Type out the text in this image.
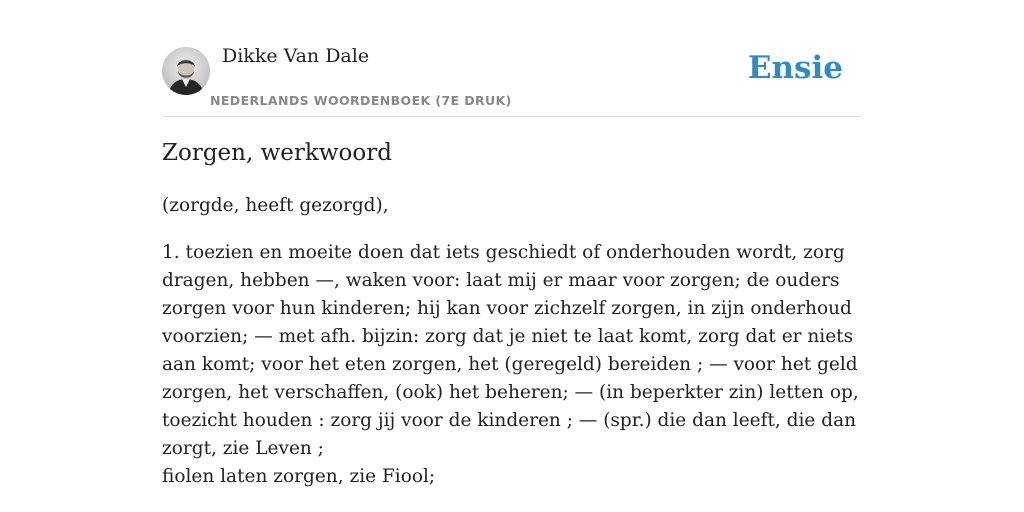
Dikke Van Dale
NEDERLANDS WOORDENBOEK (7E DRUK)
Ensie
Zorgen, werkwoord
(zorgde, heeft gezorgd),
1. toezien en moeite doen dat iets geschiedt of onderhouden wordt, zorg dragen, hebben —, waken voor: laat mij er maar voor zorgen; de ouders zorgen voor hun kinderen; hij kan voor zichzelf zorgen, in zijn onderhoud voorzien; — met afh. bijzin: zorg dat je niet te laat komt, zorg dat er niets aan komt; voor het eten zorgen, het (geregeld) bereiden ; — voor het geld zorgen, het verschaffen, (ook) het beheren; — (in beperkter zin) letten op, toezicht houden : zorg jij voor de kinderen ; — (spr.) die dan leeft, die dan zorgt, zie Leven ;
fiolen laten zorgen, zie Fiool;
